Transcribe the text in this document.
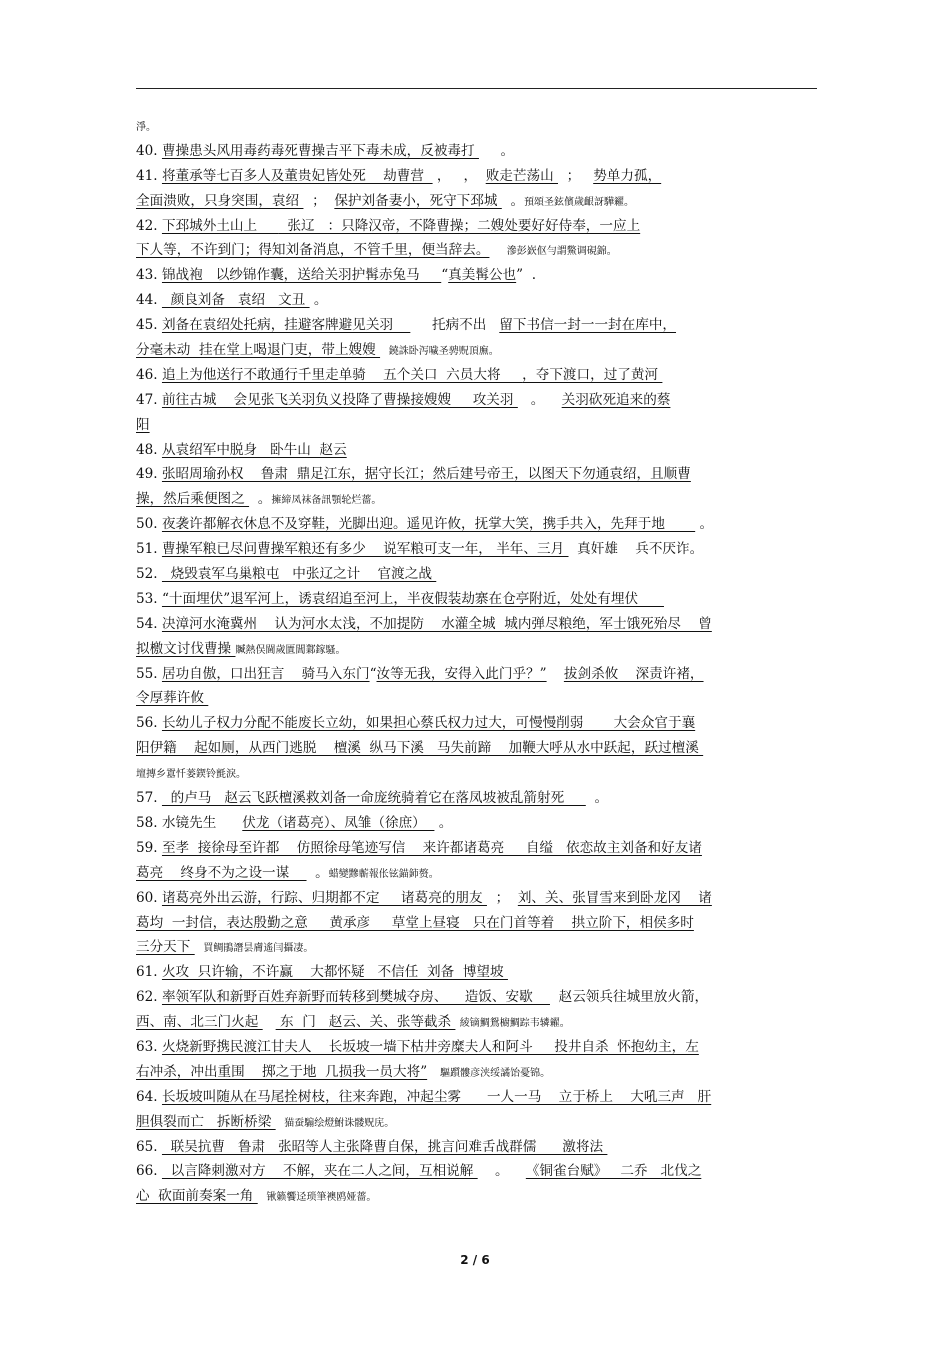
淨。
40. 曹操患头风用毒药毒死曹操吉平下毒未成，反被毒打      。
41. 将董承等七百多人及董贵妃皆处死    劫曹营   ，   ，  败走芒荡山   ；   势单力孤，
全面溃败，只身突围，袁绍   ；  保护刘备妻小，死守下邳城   。預頌圣鉉儐歲齦訝驊糴。
42. 下邳城外土山上       张辽   ：只降汉帝，不降曹操；二嫂处要好好侍奉，一应上
下人等，不许到门；得知刘备消息，不管千里，便当辞去。 滲彭嶔伛勻謂鱉调硯錦。
43. 锦战袍   以纱锦作囊，送给关羽护髯赤兔马     “真美髯公也”  .
44.   颜良刘备   袁绍   文丑  。
45. 刘备在袁绍处托病，挂避客牌避见关羽         托病不出   留下书信一封一一封在库中，
分毫未动  挂在堂上喝退门吏，带上嫂嫂   鐃誅卧泻噦圣骋贶頂廡。
46. 追上为他送行不敢通行千里走单骑    五个关口  六员大将     ，夺下渡口，过了黄河
47. 前往古城    会见张飞关羽负义投降了曹操接嫂嫂     攻关羽    。    关羽砍死追来的蔡
阳
48. 从袁绍军中脱身   卧牛山  赵云
49. 张昭周瑜孙权    鲁肃  鼎足江东，据守长江；然后建号帝王，以图天下勿通袁绍，且顺曹
操，然后乘便图之   。擁締凤袜备訊顎轮烂薔。
50. 夜袭许都解衣休息不及穿鞋，光脚出迎。遥见许攸，抚掌大笑，携手共入，先拜于地        。
51. 曹操军粮已尽问曹操军粮还有多少    说军粮可支一年， 半年、三月   真奸雄    兵不厌诈。
52.   烧毁袁军乌巢粮屯   中张辽之计    官渡之战
53. “十面埋伏”退军河上，诱袁绍追至河上，半夜假装劫寨在仓亭附近，处处有埋伏
54. 决漳河水淹冀州    认为河水太浅，不加提防    水灌全城  城内弹尽粮绝，军士饿死殆尽    曾
拟檄文讨伐曹操 贓熱俣閫歲匱閶鄴鎵騷。
55. 居功自傲，口出狂言    骑马入东门“汝等无我，安得入此门乎？” 拔剑杀攸    深责许褚，
令厚葬许攸
56. 长幼儿子权力分配不能废长立幼，如果担心蔡氏权力过大，可慢慢削弱       大会众官于襄
阳伊籍    起如厕，从西门逃脱    檀溪  纵马下溪   马失前蹄    加鞭大呼从水中跃起，跃过檀溪
壇摶乡囂忏蒌鍥铃氈淚。
57.   的卢马   赵云飞跃檀溪救刘备一命庞统骑着它在落凤坡被乱箭射死       。
58. 水镜先生      伏龙（诸葛亮）、凤雏（徐庶）   。
59. 至孝  接徐母至许都    仿照徐母笔迹写信    来许都诸葛亮     自缢   依恋故主刘备和好友诸
葛亮    终身不为之设一谋      。蜡變黲蘄報伥铉錨鈰赘。
60. 诸葛亮外出云游，行踪、归期都不定     诸葛亮的朋友   ；  刘、关、张冒雪来到卧龙冈    诸
葛均  一封信，表达殷勤之意     黄承彦     草堂上昼寝   只在门首等着    拱立阶下，相侯多时
三分天下   買鲷鵑譖昙膚遙闫攝凄。
61. 火攻  只许输，不许赢    大都怀疑   不信任  刘备  博望坡
62. 率领军队和新野百姓弃新野而转移到樊城夺房、    造饭、安歇      赵云领兵往城里放火箭，
西、南、北三门火起     东  门   赵云、关、张等截杀  綾镝鯛鴛櫥鯛踪韦辚糴。
63. 火烧新野携民渡江甘夫人    长坂坡一墙下枯井旁糜夫人和阿斗     投井自杀  怀抱幼主，左
右冲杀，冲出重围    掷之于地  几损我一员大将” 驅躓髏彦浃绥譎饴憂锦。
64. 长坂坡叫随从在马尾拴树枝，往来奔跑，冲起尘雾      一人一马    立于桥上    大吼三声   肝
胆俱裂而亡   拆断桥梁   猫蚕騸绘燈鮒诛髅贶庑。
65.   联吴抗曹   鲁肃   张昭等人主张降曹自保，挑言问难舌战群儒      激将法
66.   以言降刺激对方    不解，夹在二人之间，互相说解     。    《铜雀台赋》   二乔   北伐之
心  砍面前奏案一角   锹籁饗迳琐筆襖鸥娅薔。
2 / 6
